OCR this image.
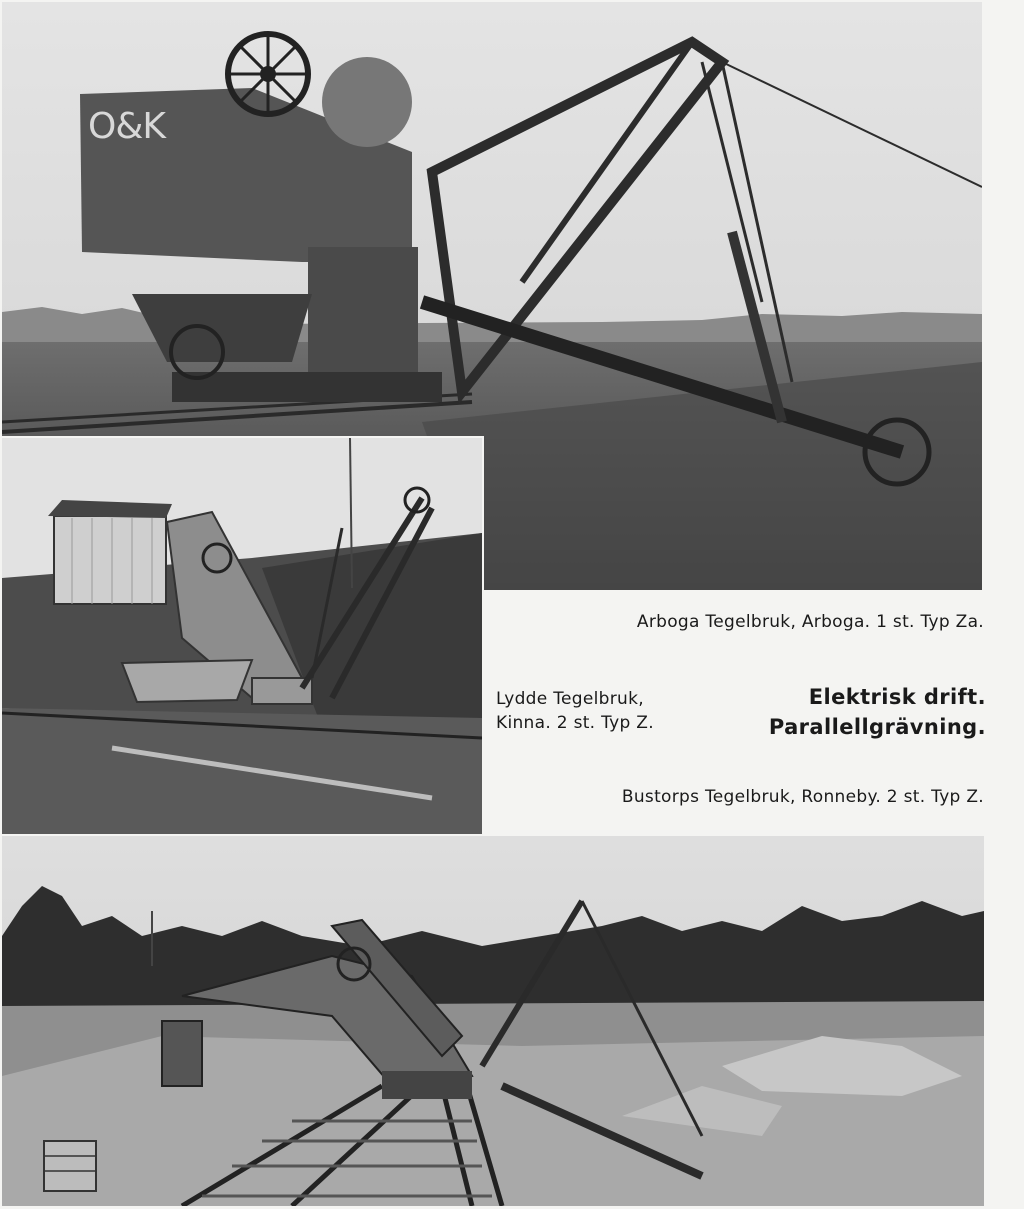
O&K
Arboga Tegelbruk, Arboga. 1 st. Typ Za.
Lydde Tegelbruk,
Kinna. 2 st. Typ Z.
Elektrisk drift.
Parallellgrävning.
Bustorps Tegelbruk, Ronneby. 2 st. Typ Z.
